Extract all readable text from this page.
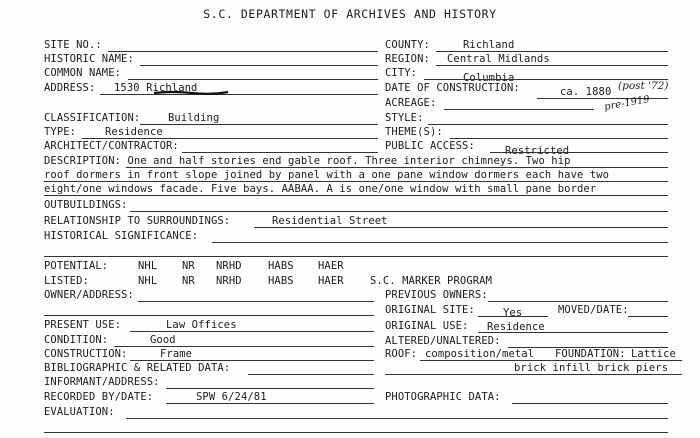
S.C. DEPARTMENT OF ARCHIVES AND HISTORY
SITE NO.:
HISTORIC NAME:
COMMON NAME:
ADDRESS: 1530 Richland
CLASSIFICATION:	Building
TYPE:	Residence
ARCHITECT/CONTRACTOR:
COUNTY:	Richland
REGION: Central Midlands
CITY:	Columbia
DATE OF CONSTRUCTION:	ca. 1880 (post '72)
pre-1919
ACREAGE:
STYLE:
THEME(S):
PUBLIC ACCESS:	Restricted
DESCRIPTION: One and half stories end gable roof. Three interior chimneys. Two hip
roof dormers in front slope joined by panel with a one pane window dormers each have two
eight/one windows facade. Five bays. AABAA. A is one/one window with small pane border
OUTBUILDINGS:
RELATIONSHIP TO SURROUNDINGS:	Residential Street
HISTORICAL SIGNIFICANCE:
POTENTIAL:	NHL NR NRHD	HABS HAER
LISTED:	NHL NR NRHD	HABS HAER	S.C. MARKER PROGRAM
OWNER/ADDRESS:	PREVIOUS OWNERS:
ORIGINAL SITE:	Yes	MOVED/DATE:
PRESENT USE:	Law Offices	ORIGINAL USE: Residence
CONDITION:	Good	ALTERED/UNALTERED:
CONSTRUCTION:	Frame	ROOF: composition/metal FOUNDATION: Lattice
brick infill brick piers
BIBLIOGRAPHIC & RELATED DATA:
INFORMANT/ADDRESS:
RECORDED BY/DATE:	SPW 6/24/81	PHOTOGRAPHIC DATA:
EVALUATION:
